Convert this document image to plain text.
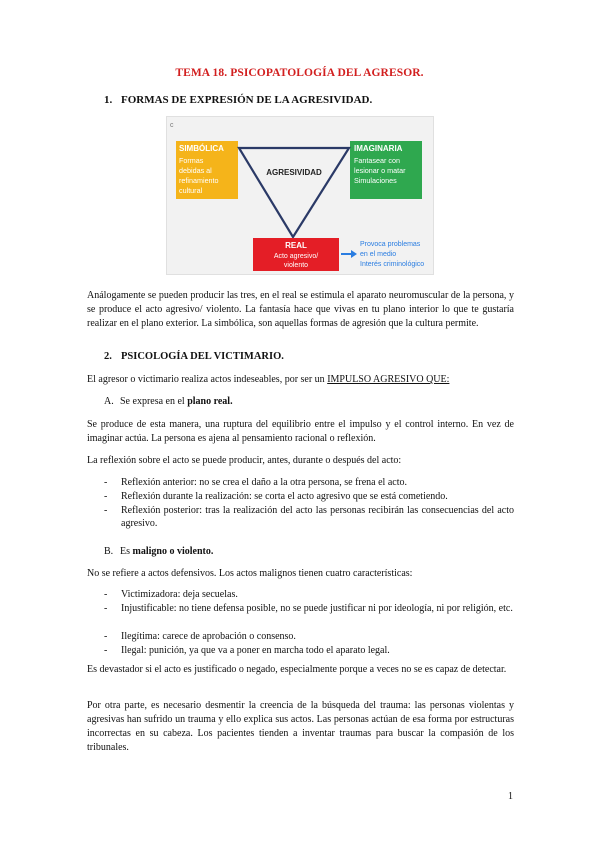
TEMA 18. PSICOPATOLOGÍA DEL AGRESOR.
1. FORMAS DE EXPRESIÓN DE LA AGRESIVIDAD.
c
SIMBÓLICA
Formas
debidas al
refinamiento
cultural
IMAGINARIA
Fantasear con
lesionar o matar
Simulaciones
AGRESIVIDAD
REAL
Acto agresivo/
violento
Provoca problemas
en el medio
Interés criminológico
Análogamente se pueden producir las tres, en el real se estimula el aparato neuromuscular de la persona, y se produce el acto agresivo/ violento. La fantasía hace que vivas en tu plano interior lo que te gustaría realizar en el plano exterior. La simbólica, son aquellas formas de agresión que la cultura permite.
2. PSICOLOGÍA DEL VICTIMARIO.
El agresor o victimario realiza actos indeseables, por ser un IMPULSO AGRESIVO QUE:
A. Se expresa en el plano real.
Se produce de esta manera, una ruptura del equilibrio entre el impulso y el control interno. En vez de imaginar actúa. La persona es ajena al pensamiento racional o reflexión.
La reflexión sobre el acto se puede producir, antes, durante o después del acto:
- Reflexión anterior: no se crea el daño a la otra persona, se frena el acto.
- Reflexión durante la realización: se corta el acto agresivo que se está cometiendo.
- Reflexión posterior: tras la realización del acto las personas recibirán las consecuencias del acto agresivo.
B. Es maligno o violento.
No se refiere a actos defensivos. Los actos malignos tienen cuatro características:
- Victimizadora: deja secuelas.
- Injustificable: no tiene defensa posible, no se puede justificar ni por ideología, ni por religión, etc.
- Ilegítima: carece de aprobación o consenso.
- Ilegal: punición, ya que va a poner en marcha todo el aparato legal.
Es devastador si el acto es justificado o negado, especialmente porque a veces no se es capaz de detectar.
Por otra parte, es necesario desmentir la creencia de la búsqueda del trauma: las personas violentas y agresivas han sufrido un trauma y ello explica sus actos. Las personas actúan de esa forma por estructuras incorrectas en su cabeza. Los pacientes tienden a inventar traumas para buscar la compasión de los tribunales.
1
